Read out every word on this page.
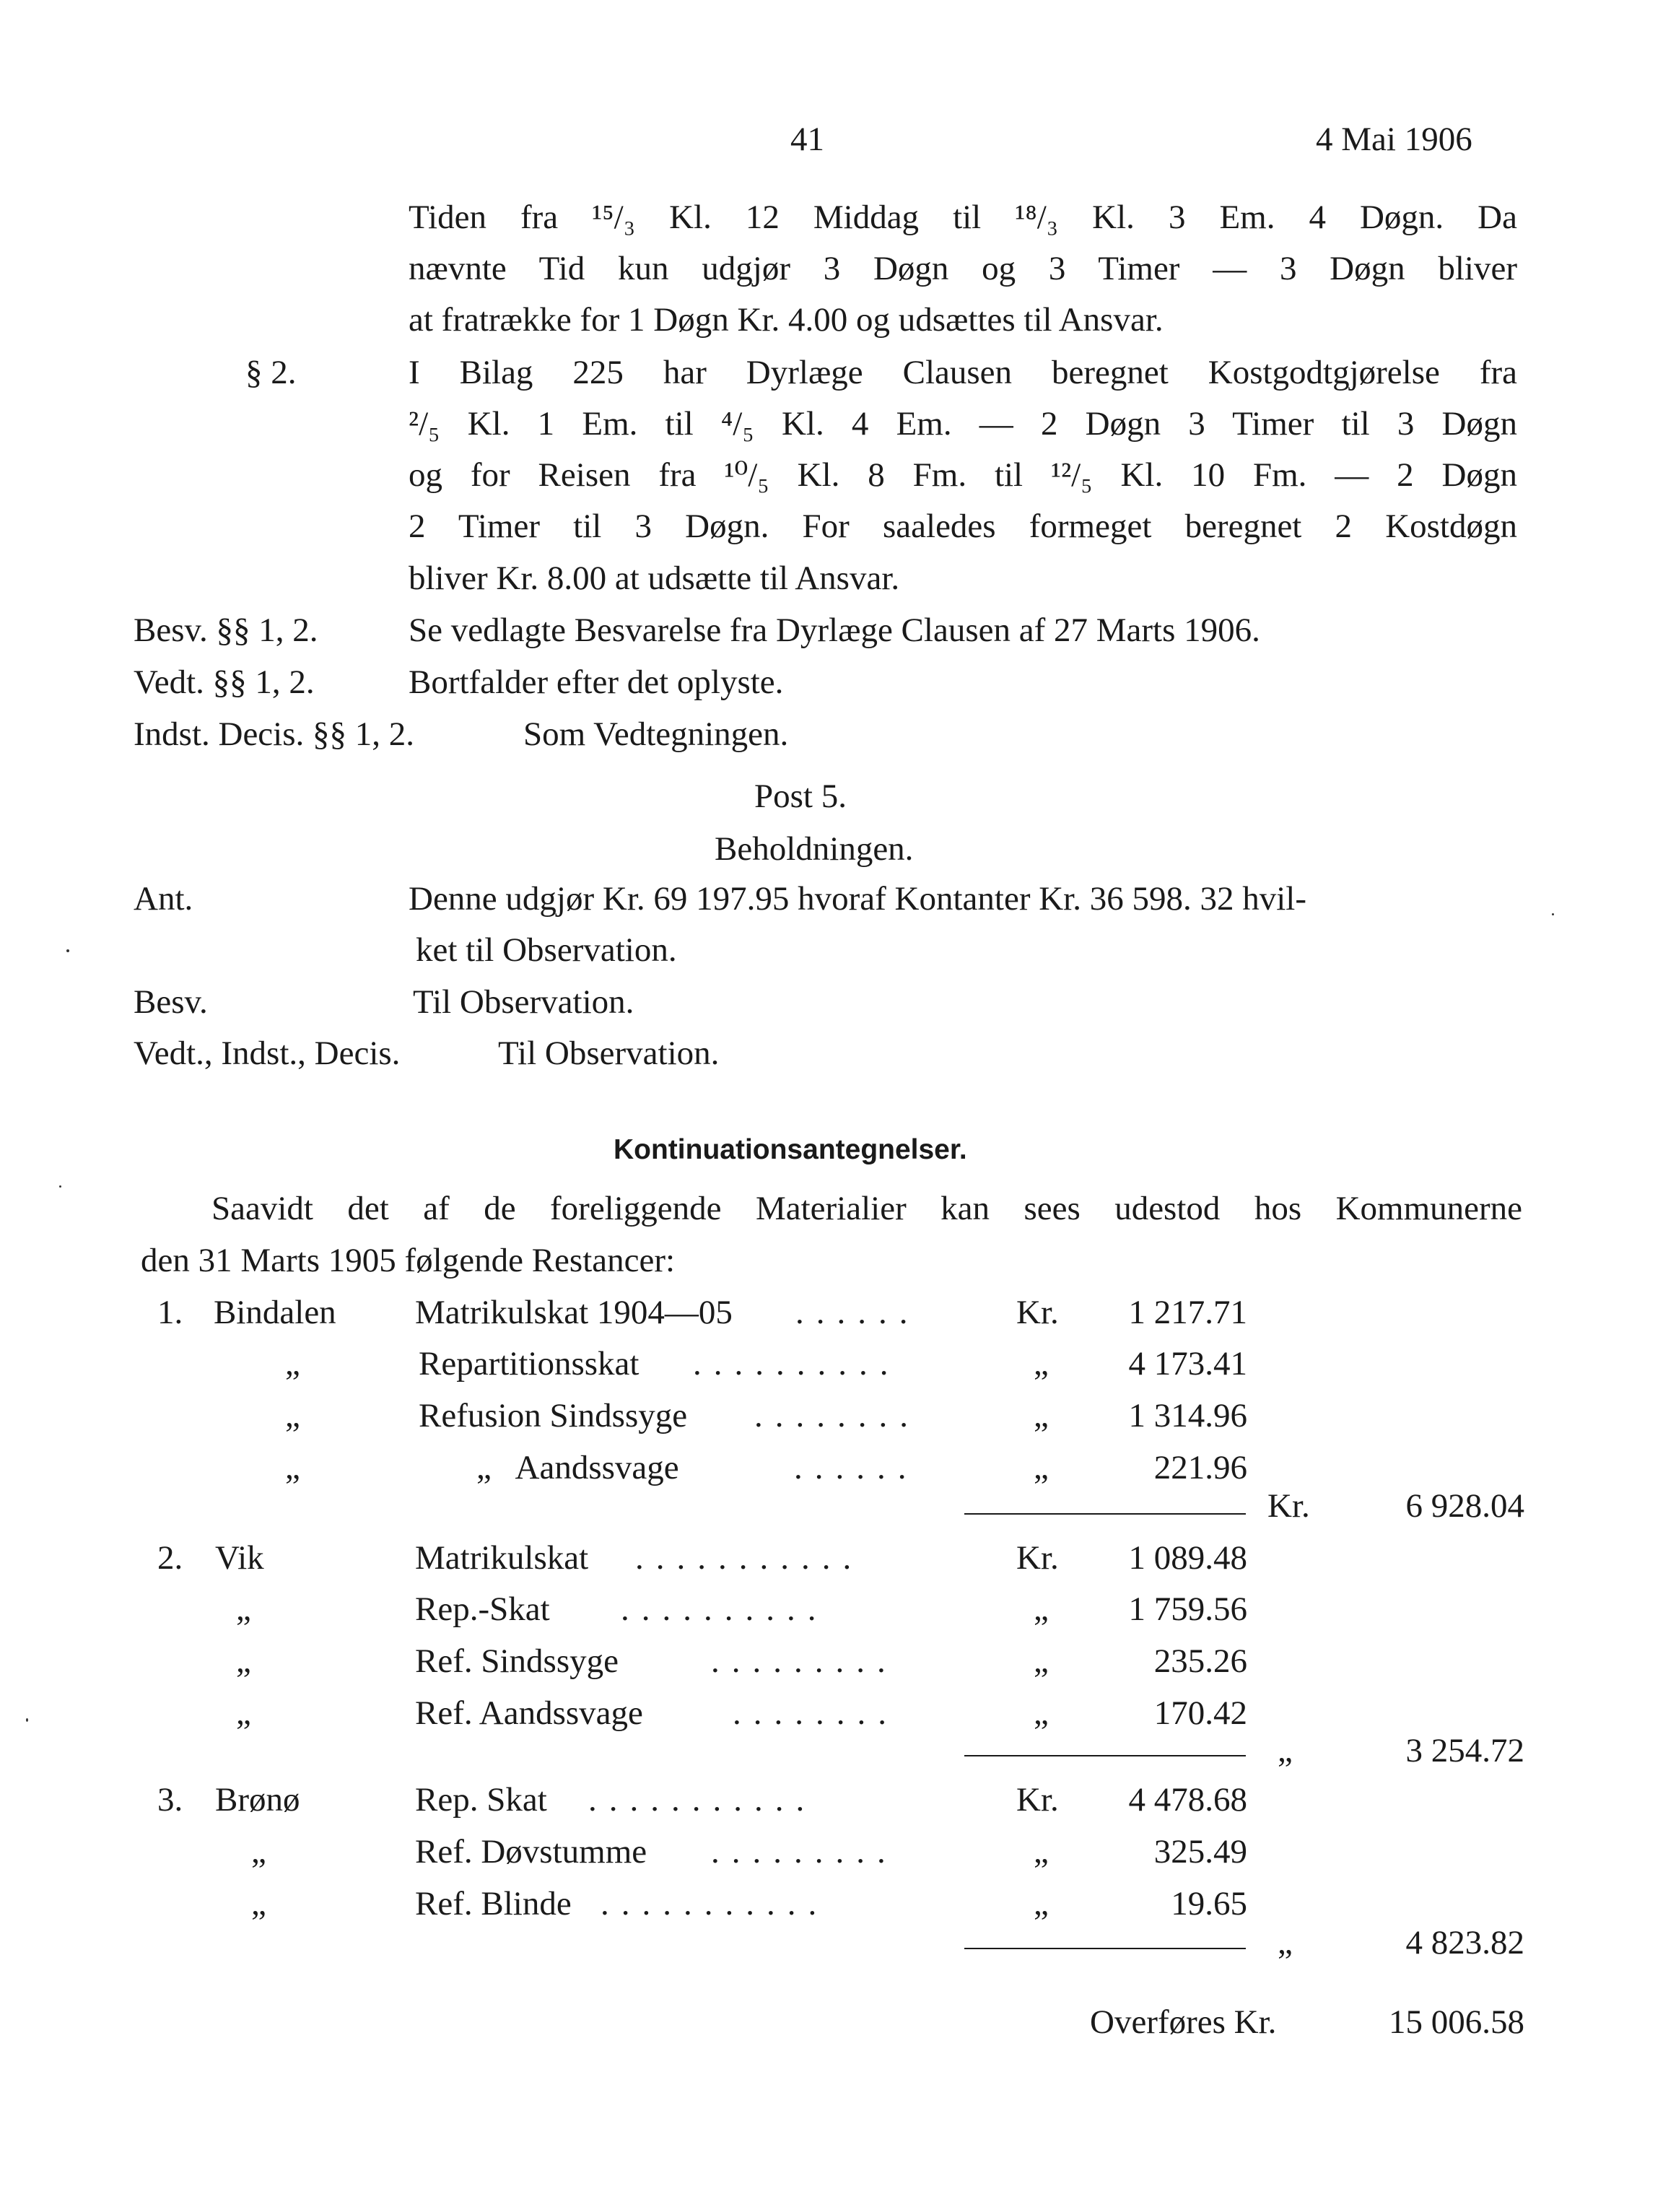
41	4 Mai 1906
Tiden fra ¹⁵/₃ Kl. 12 Middag til ¹⁸/₃ Kl. 3 Em. 4 Døgn. Da
nævnte Tid kun udgjør 3 Døgn og 3 Timer — 3 Døgn bliver
at fratrække for 1 Døgn Kr. 4.00 og udsættes til Ansvar.
§ 2.	I Bilag 225 har Dyrlæge Clausen beregnet Kostgodtgjørelse fra
²/₅ Kl. 1 Em. til ⁴/₅ Kl. 4 Em. — 2 Døgn 3 Timer til 3 Døgn
og for Reisen fra ¹⁰/₅ Kl. 8 Fm. til ¹²/₅ Kl. 10 Fm. — 2 Døgn
2 Timer til 3 Døgn. For saaledes formeget beregnet 2 Kostdøgn
bliver Kr. 8.00 at udsætte til Ansvar.
Besv. §§ 1, 2.	Se vedlagte Besvarelse fra Dyrlæge Clausen af 27 Marts 1906.
Vedt. §§ 1, 2.	Bortfalder efter det oplyste.
Indst. Decis. §§ 1, 2.	Som Vedtegningen.
Post 5.
Beholdningen.
Ant.	Denne udgjør Kr. 69 197.95 hvoraf Kontanter Kr. 36 598. 32 hvil-
ket til Observation.
Besv.	Til Observation.
Vedt., Indst., Decis.	Til Observation.
Kontinuationsantegnelser.
Saavidt det af de foreliggende Materialier kan sees udestod hos Kommunerne
den 31 Marts 1905 følgende Restancer:
1. Bindalen Matrikulskat 1904—05 ......	Kr.	1 217.71
„	Repartitionsskat ..........	„	4 173.41
„	Refusion Sindssyge ........	„	1 314.96
„	„   Aandssvage	......	„	221.96
Kr.	6 928.04
2. Vik	Matrikulskat ...........	Kr.	1 089.48
„	Rep.-Skat ..........	„	1 759.56
„	Ref. Sindssyge	.........	„	235.26
„	Ref. Aandssvage	........	„	170.42
„	3 254.72
3. Brønø	Rep. Skat ...........	Kr.	4 478.68
„	Ref. Døvstumme .........	„	325.49
„	Ref. Blinde ...........	„	19.65
„	4 823.82
Overføres Kr.	15 006.58
